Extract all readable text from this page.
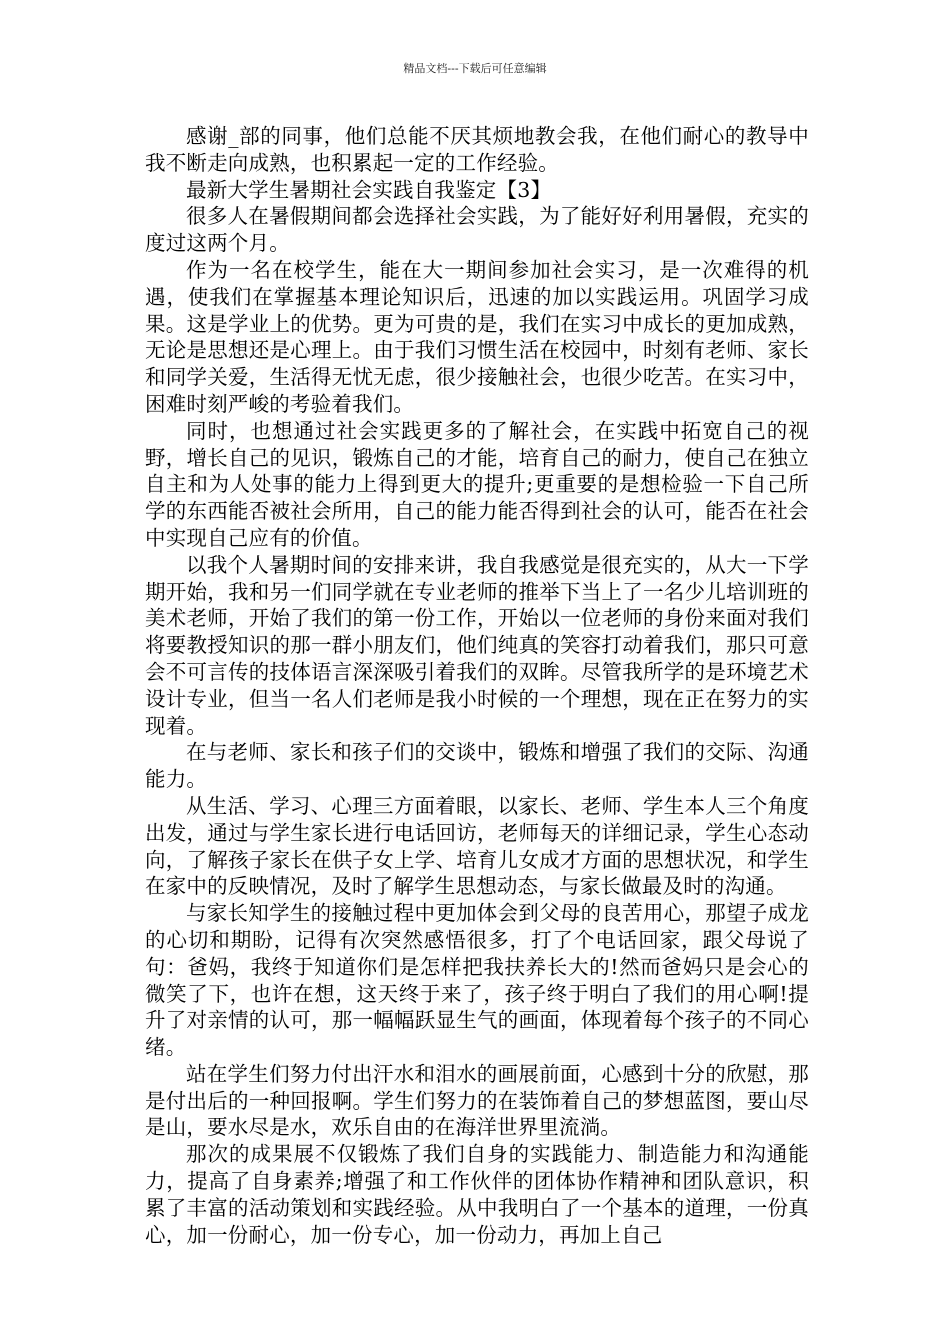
精品文档---下载后可任意编辑

感谢_部的同事，他们总能不厌其烦地教会我，在他们耐心的教导中我不断走向成熟，也积累起一定的工作经验。

最新大学生暑期社会实践自我鉴定【3】

很多人在暑假期间都会选择社会实践，为了能好好利用暑假，充实的度过这两个月。

作为一名在校学生，能在大一期间参加社会实习，是一次难得的机遇，使我们在掌握基本理论知识后，迅速的加以实践运用。巩固学习成果。这是学业上的优势。更为可贵的是，我们在实习中成长的更加成熟，无论是思想还是心理上。由于我们习惯生活在校园中，时刻有老师、家长和同学关爱，生活得无忧无虑，很少接触社会，也很少吃苦。在实习中，困难时刻严峻的考验着我们。

同时，也想通过社会实践更多的了解社会，在实践中拓宽自己的视野，增长自己的见识，锻炼自己的才能，培育自己的耐力，使自己在独立自主和为人处事的能力上得到更大的提升;更重要的是想检验一下自己所学的东西能否被社会所用，自己的能力能否得到社会的认可，能否在社会中实现自己应有的价值。

以我个人暑期时间的安排来讲，我自我感觉是很充实的，从大一下学期开始，我和另一们同学就在专业老师的推举下当上了一名少儿培训班的美术老师，开始了我们的第一份工作，开始以一位老师的身份来面对我们将要教授知识的那一群小朋友们，他们纯真的笑容打动着我们，那只可意会不可言传的技体语言深深吸引着我们的双眸。尽管我所学的是环境艺术设计专业，但当一名人们老师是我小时候的一个理想，现在正在努力的实现着。

在与老师、家长和孩子们的交谈中，锻炼和增强了我们的交际、沟通能力。

从生活、学习、心理三方面着眼，以家长、老师、学生本人三个角度出发，通过与学生家长进行电话回访，老师每天的详细记录，学生心态动向，了解孩子家长在供子女上学、培育儿女成才方面的思想状况，和学生在家中的反映情况，及时了解学生思想动态，与家长做最及时的沟通。

与家长知学生的接触过程中更加体会到父母的良苦用心，那望子成龙的心切和期盼，记得有次突然感悟很多，打了个电话回家，跟父母说了句：爸妈，我终于知道你们是怎样把我扶养长大的!然而爸妈只是会心的微笑了下，也许在想，这天终于来了，孩子终于明白了我们的用心啊!提升了对亲情的认可，那一幅幅跃显生气的画面，体现着每个孩子的不同心绪。

站在学生们努力付出汗水和泪水的画展前面，心感到十分的欣慰，那是付出后的一种回报啊。学生们努力的在装饰着自己的梦想蓝图，要山尽是山，要水尽是水，欢乐自由的在海洋世界里流淌。

那次的成果展不仅锻炼了我们自身的实践能力、制造能力和沟通能力，提高了自身素养;增强了和工作伙伴的团体协作精神和团队意识，积累了丰富的活动策划和实践经验。从中我明白了一个基本的道理，一份真心，加一份耐心，加一份专心，加一份动力，再加上自己
